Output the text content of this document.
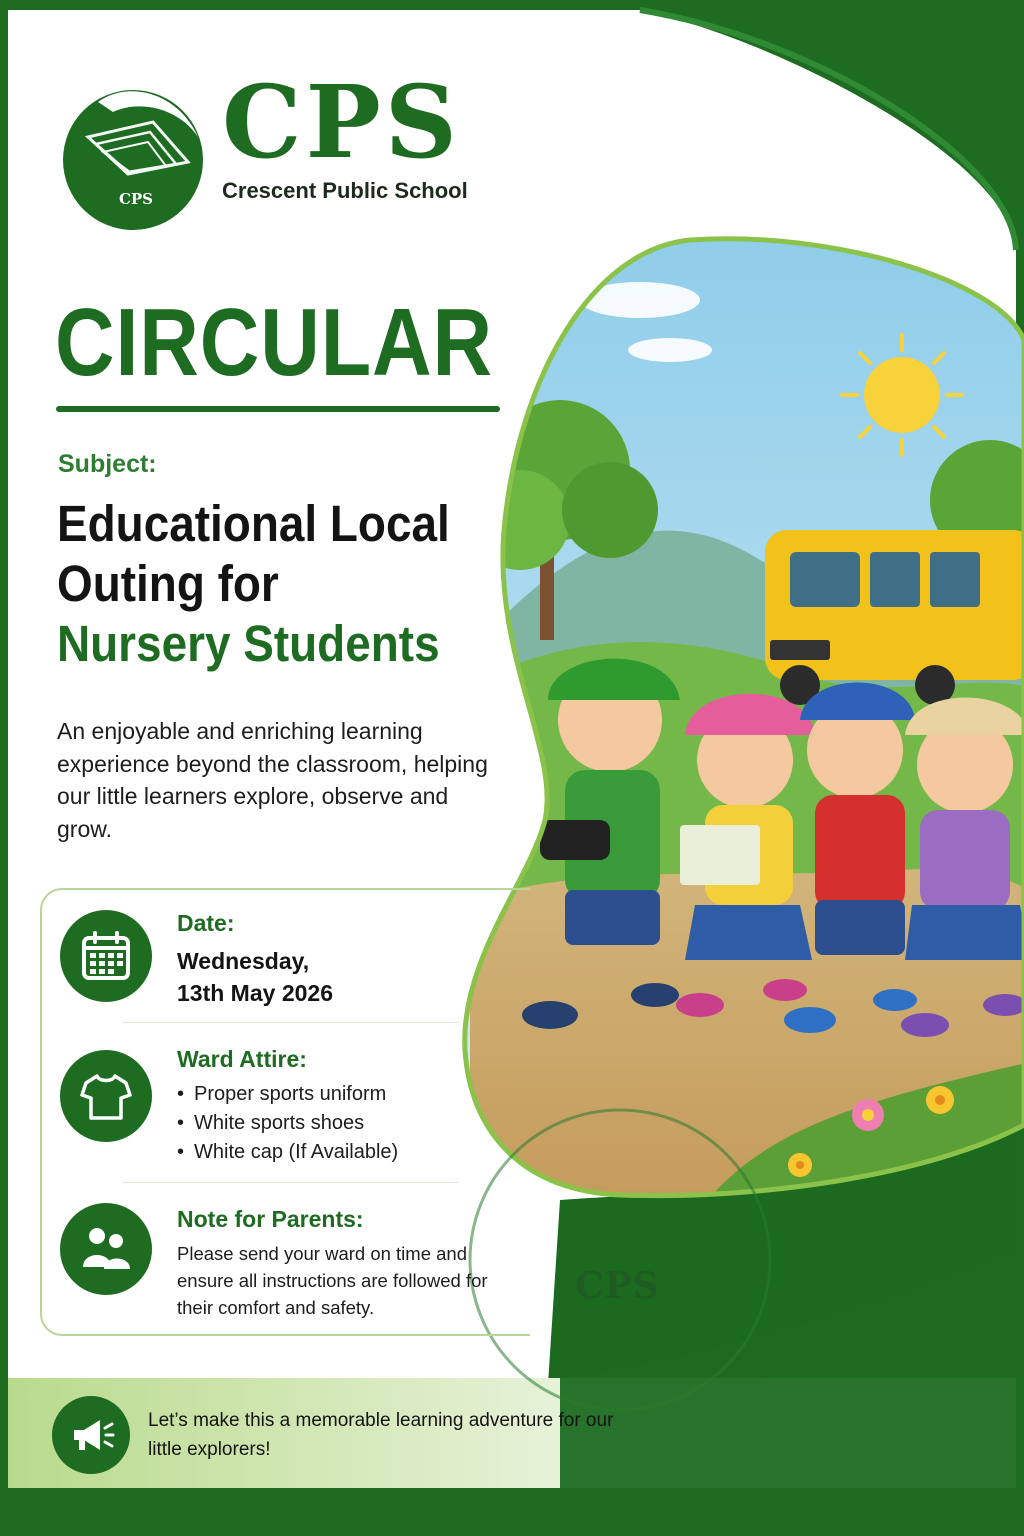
CPS
CPS
Crescent Public School
CIRCULAR
Subject:
Educational Local
Outing for
Nursery Students
An enjoyable and enriching learning experience beyond the classroom, helping our little learners explore, observe and grow.
Date:
Wednesday,
13th May 2026
Ward Attire:
• Proper sports uniform
• White sports shoes
• White cap (If Available)
Note for Parents:
Please send your ward on time and ensure all instructions are followed for their comfort and safety.
CPS
Let’s make this a memorable learning adventure for our little explorers!
